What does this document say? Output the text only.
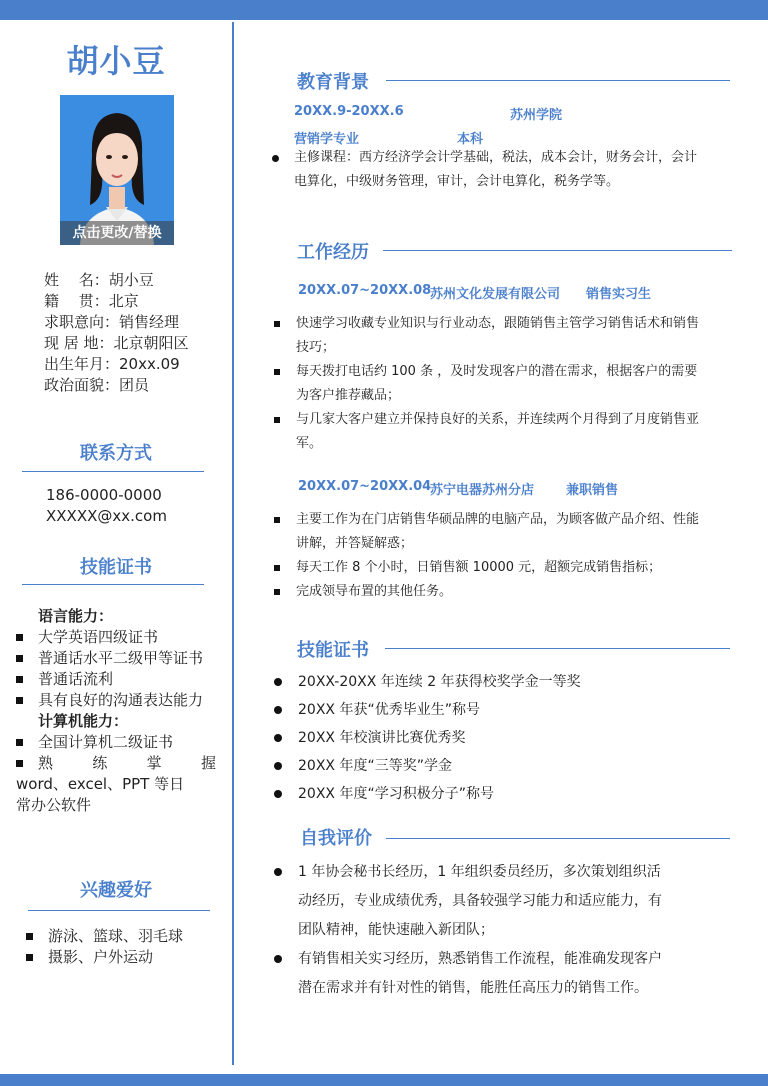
胡小豆
点击更改/替换
姓　 名：胡小豆
籍　 贯：北京
求职意向：销售经理
现 居 地：北京朝阳区
出生年月：20xx.09
政治面貌：团员
联系方式
186-0000-0000
XXXXX@xx.com
技能证书
语言能力：
大学英语四级证书
普通话水平二级甲等证书
普通话流利
具有良好的沟通表达能力
计算机能力：
全国计算机二级证书
熟	练	掌	握
word、excel、PPT 等日
常办公软件
兴趣爱好
游泳、篮球、羽毛球
摄影、户外运动
教育背景
20XX.9-20XX.6	苏州学院
营销学专业	本科
主修课程：西方经济学会计学基础，税法，成本会计，财务会计，会计
电算化，中级财务管理，审计，会计电算化，税务学等。
工作经历
20XX.07~20XX.08
苏州文化发展有限公司 销售实习生
快速学习收藏专业知识与行业动态，跟随销售主管学习销售话术和销售
技巧；
每天拨打电话约 100 条 ，及时发现客户的潜在需求，根据客户的需要
为客户推荐藏品；
与几家大客户建立并保持良好的关系，并连续两个月得到了月度销售亚
军。
20XX.07~20XX.04
苏宁电器苏州分店 兼职销售
主要工作为在门店销售华硕品牌的电脑产品，为顾客做产品介绍、性能
讲解，并答疑解惑；
每天工作 8 个小时，日销售额 10000 元，超额完成销售指标；
完成领导布置的其他任务。
技能证书
20XX-20XX 年连续 2 年获得校奖学金一等奖
20XX 年获“优秀毕业生”称号
20XX 年校演讲比赛优秀奖
20XX 年度“三等奖”学金
20XX 年度“学习积极分子”称号
自我评价
1 年协会秘书长经历，1 年组织委员经历，多次策划组织活
动经历，专业成绩优秀，具备较强学习能力和适应能力，有
团队精神，能快速融入新团队；
有销售相关实习经历，熟悉销售工作流程，能准确发现客户
潜在需求并有针对性的销售，能胜任高压力的销售工作。
